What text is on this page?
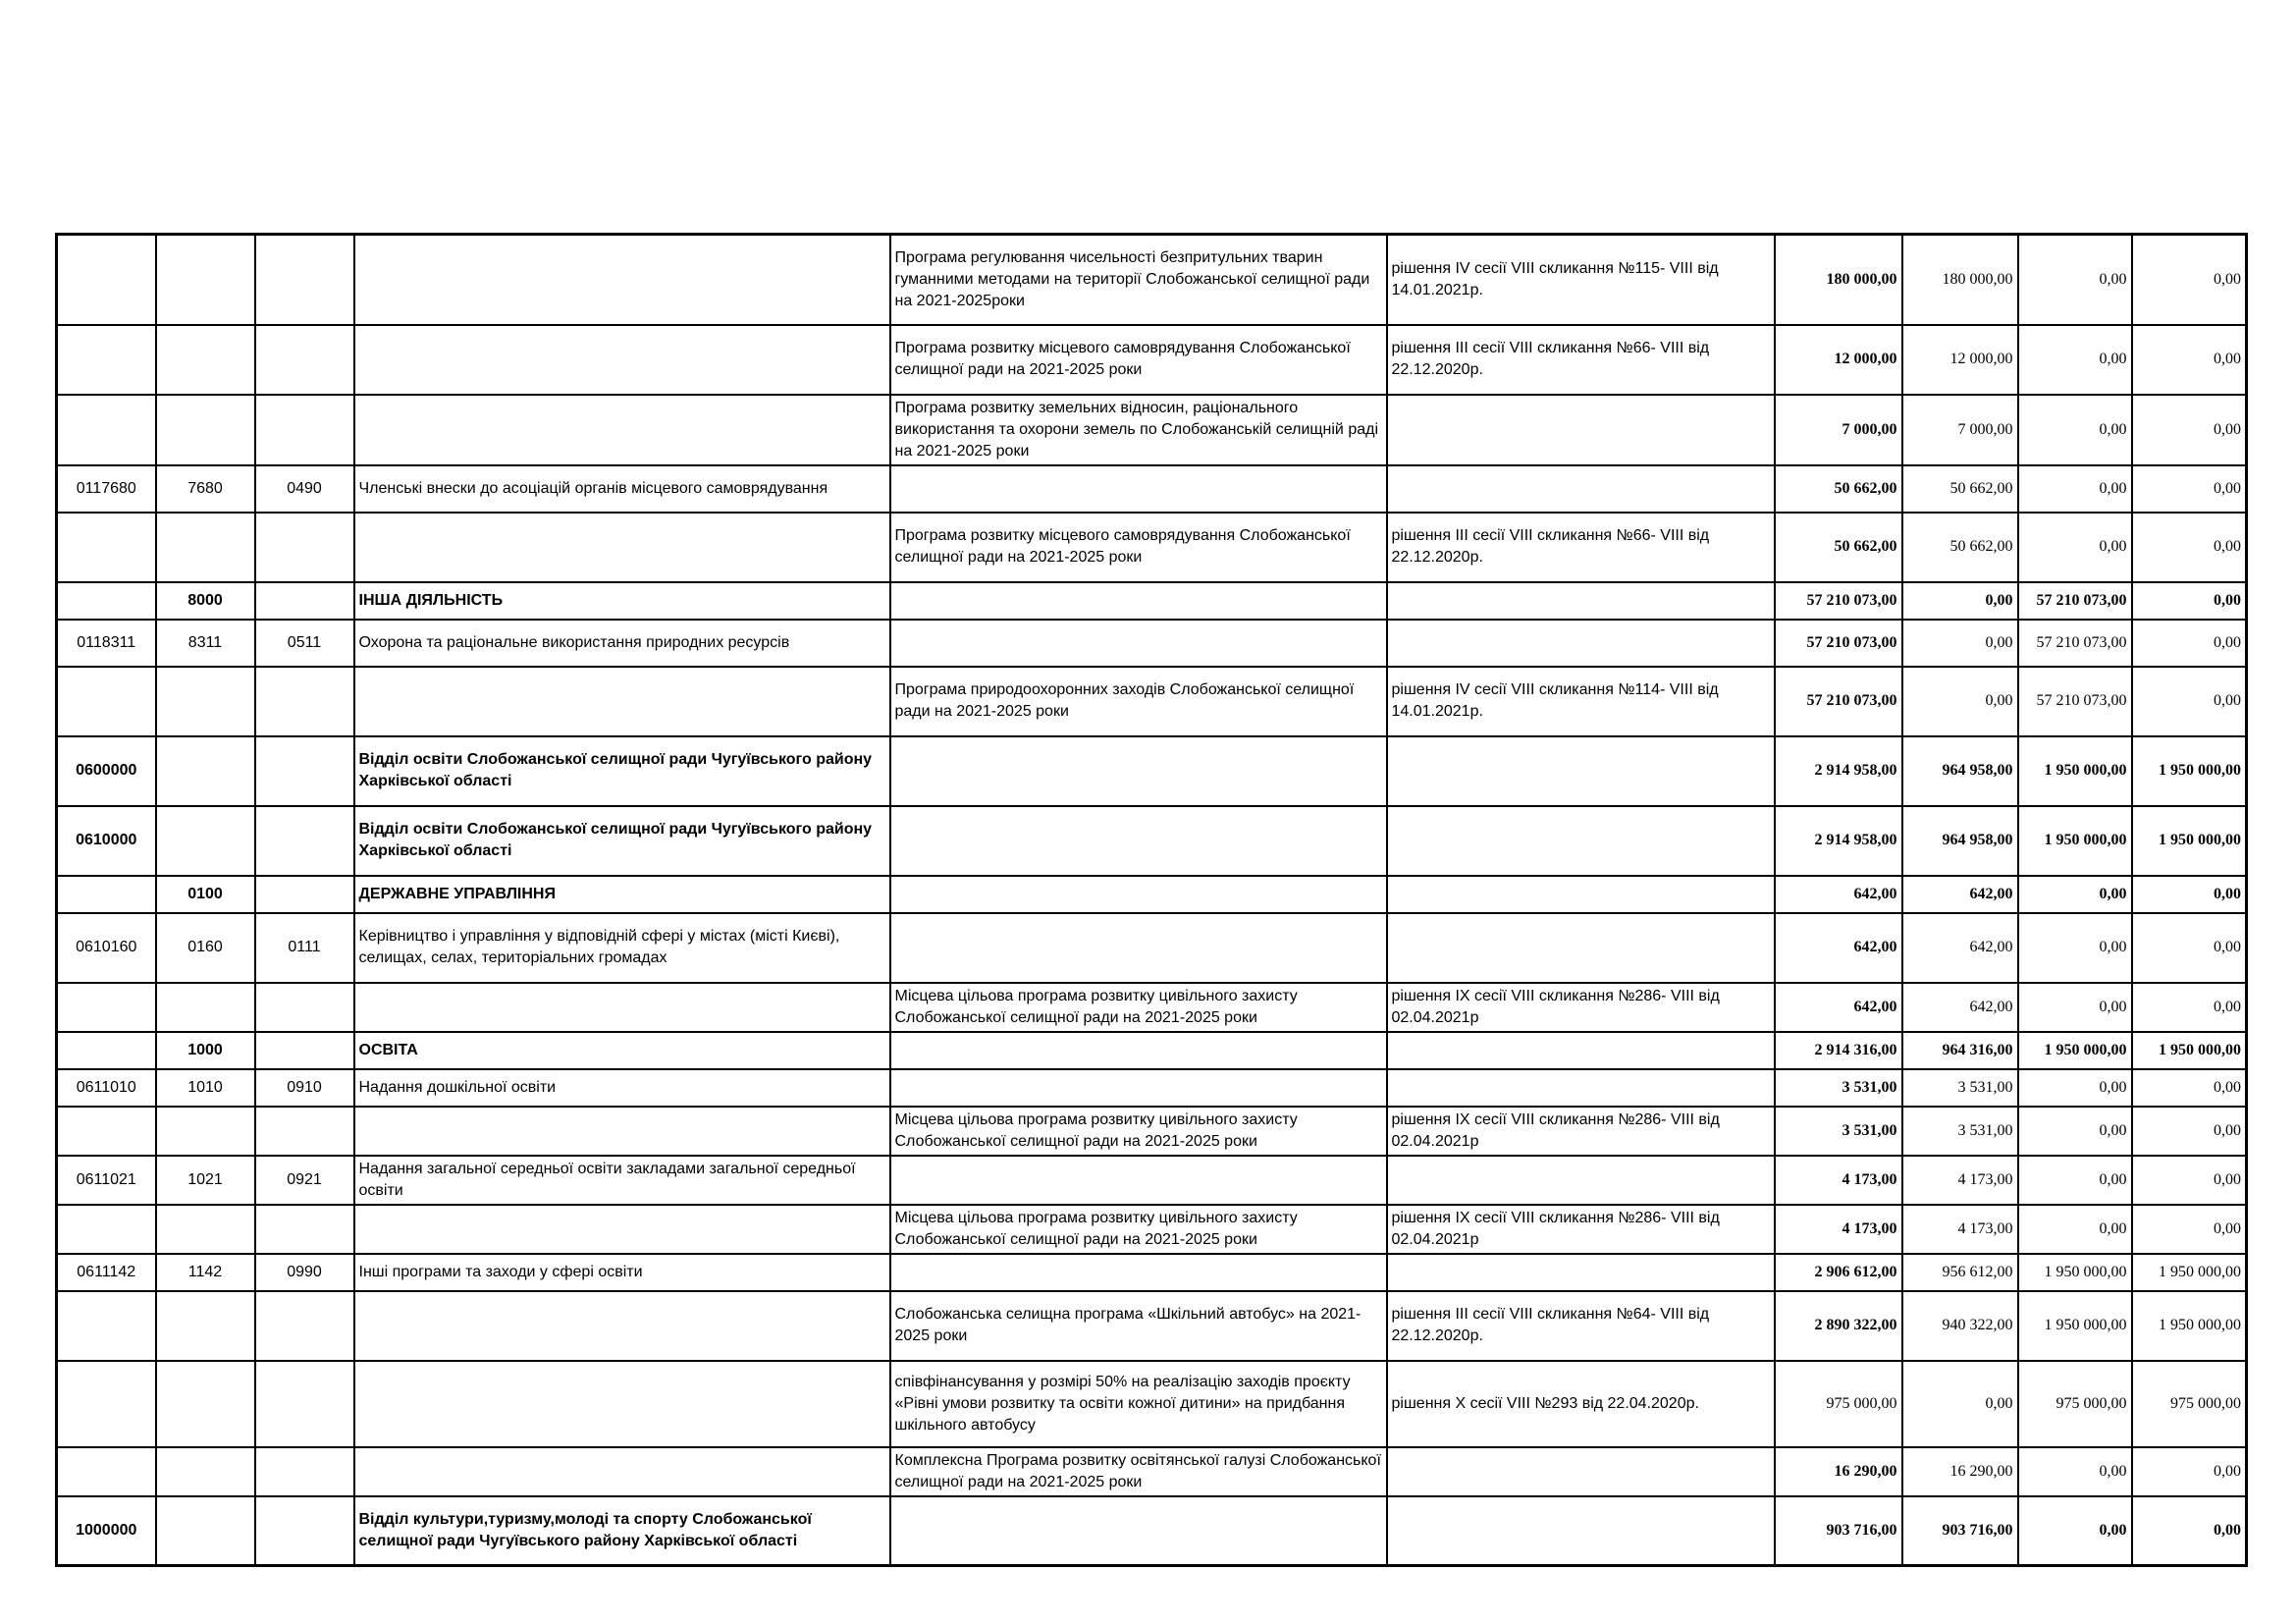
				Програма регулювання чисельності безпритульних тварин гуманними методами на території Слобожанської селищної ради на 2021-2025роки	рішення IV сесії VIII скликання №115- VIII від 14.01.2021р.	180 000,00	180 000,00	0,00	0,00
				Програма розвитку місцевого самоврядування Слобожанської селищної ради на 2021-2025 роки	рішення III сесії VIII скликання №66- VIII від 22.12.2020р.	12 000,00	12 000,00	0,00	0,00
				Програма розвитку земельних відносин, раціонального використання та охорони земель по Слобожанській селищній раді на 2021-2025 роки		7 000,00	7 000,00	0,00	0,00
0117680	7680	0490	Членські внески до асоціацій органів місцевого самоврядування			50 662,00	50 662,00	0,00	0,00
				Програма розвитку місцевого самоврядування Слобожанської селищної ради на 2021-2025 роки	рішення III сесії VIII скликання №66- VIII від 22.12.2020р.	50 662,00	50 662,00	0,00	0,00
	8000		ІНША ДІЯЛЬНІСТЬ			57 210 073,00	0,00	57 210 073,00	0,00
0118311	8311	0511	Охорона та раціональне використання природних ресурсів			57 210 073,00	0,00	57 210 073,00	0,00
				Програма природоохоронних заходів Слобожанської селищної ради на 2021-2025 роки	рішення IV сесії VIII скликання №114- VIII від 14.01.2021р.	57 210 073,00	0,00	57 210 073,00	0,00
0600000			Відділ освіти Слобожанської селищної ради Чугуївського району Харківської області			2 914 958,00	964 958,00	1 950 000,00	1 950 000,00
0610000			Відділ освіти Слобожанської селищної ради Чугуївського району Харківської області			2 914 958,00	964 958,00	1 950 000,00	1 950 000,00
	0100		ДЕРЖАВНЕ УПРАВЛІННЯ			642,00	642,00	0,00	0,00
0610160	0160	0111	Керівництво і управління у відповідній сфері у містах (місті Києві), селищах, селах, територіальних громадах			642,00	642,00	0,00	0,00
				Місцева цільова програма розвитку цивільного захисту Слобожанської селищної ради на 2021-2025 роки	рішення IX сесії VIII скликання №286- VIII від 02.04.2021р	642,00	642,00	0,00	0,00
	1000		ОСВІТА			2 914 316,00	964 316,00	1 950 000,00	1 950 000,00
0611010	1010	0910	Надання дошкільної освіти			3 531,00	3 531,00	0,00	0,00
				Місцева цільова програма розвитку цивільного захисту Слобожанської селищної ради на 2021-2025 роки	рішення IX сесії VIII скликання №286- VIII від 02.04.2021р	3 531,00	3 531,00	0,00	0,00
0611021	1021	0921	Надання загальної середньої освіти закладами загальної середньої освіти			4 173,00	4 173,00	0,00	0,00
				Місцева цільова програма розвитку цивільного захисту Слобожанської селищної ради на 2021-2025 роки	рішення IX сесії VIII скликання №286- VIII від 02.04.2021р	4 173,00	4 173,00	0,00	0,00
0611142	1142	0990	Інші програми та заходи у сфері освіти			2 906 612,00	956 612,00	1 950 000,00	1 950 000,00
				Слобожанська селищна програма «Шкільний автобус» на 2021-2025 роки	рішення III сесії VIII скликання №64- VIII від 22.12.2020р.	2 890 322,00	940 322,00	1 950 000,00	1 950 000,00
				співфінансування у розмірі 50% на реалізацію заходів проєкту «Рівні умови розвитку та освіти кожної дитини» на придбання шкільного автобусу	рішення X сесії VIII №293 від 22.04.2020р.	975 000,00	0,00	975 000,00	975 000,00
				Комплексна Програма розвитку освітянської галузі Слобожанської селищної ради на 2021-2025 роки		16 290,00	16 290,00	0,00	0,00
1000000			Відділ культури,туризму,молоді та спорту Слобожанської селищної ради Чугуївського району Харківської області			903 716,00	903 716,00	0,00	0,00
